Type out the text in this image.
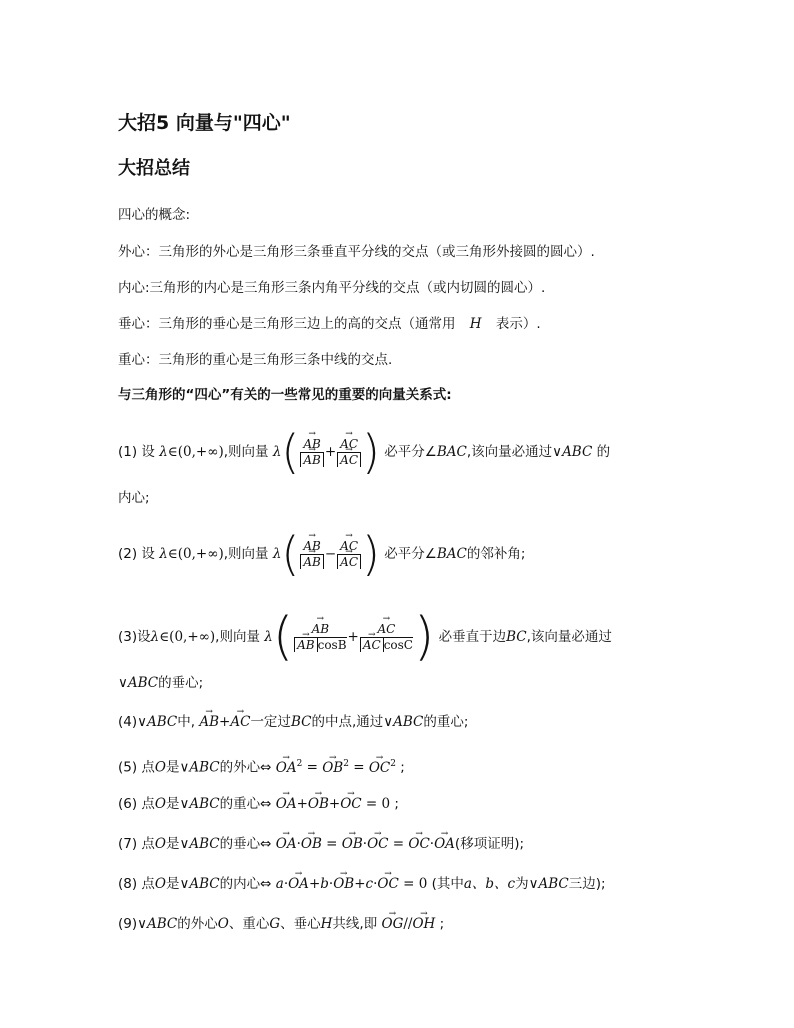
大招5 向量与"四心"
大招总结
四心的概念:
外心：三角形的外心是三角形三条垂直平分线的交点（或三角形外接圆的圆心）.
内心:三角形的内心是三角形三条内角平分线的交点（或内切圆的圆心）.
垂心：三角形的垂心是三角形三边上的高的交点（通常用 H 表示）.
重心：三角形的重心是三角形三条中线的交点.
与三角形的“四心”有关的一些常见的重要的向量关系式:
(1) 设 λ∈(0,+∞),则向量 λ( → AB
→ AB + → AC
→ AC ) 必平分∠BAC,该向量必通过∨ABC 的
内心;
(2) 设 λ∈(0,+∞),则向量 λ( → AB
→ AB − → AC
→ AC ) 必平分∠BAC的邻补角;
(3)设λ∈(0,+∞),则向量 λ( → AB
→ AB cosB + → AC
→ AC cosC ) 必垂直于边BC,该向量必通过
∨ABC的垂心;
(4)∨ABC中, → AB+→ AC一定过BC的中点,通过∨ABC的重心;
(5) 点O是∨ABC的外心⇔ → $OA^2$ = → $OB^2$ = → $OC^2$ ;
(6) 点O是∨ABC的重心⇔ → OA+→ OB+→ OC = 0 ;
(7) 点O是∨ABC的垂心⇔ → OA·→ OB = → OB·→ OC = → OC·→ OA(移项证明);
(8) 点O是∨ABC的内心⇔ a·→ OA+b·→ OB+c·→ OC = 0 (其中a、b、c为∨ABC三边);
(9)∨ABC的外心O、重心G、垂心H共线,即 → OG//→ OH ;
